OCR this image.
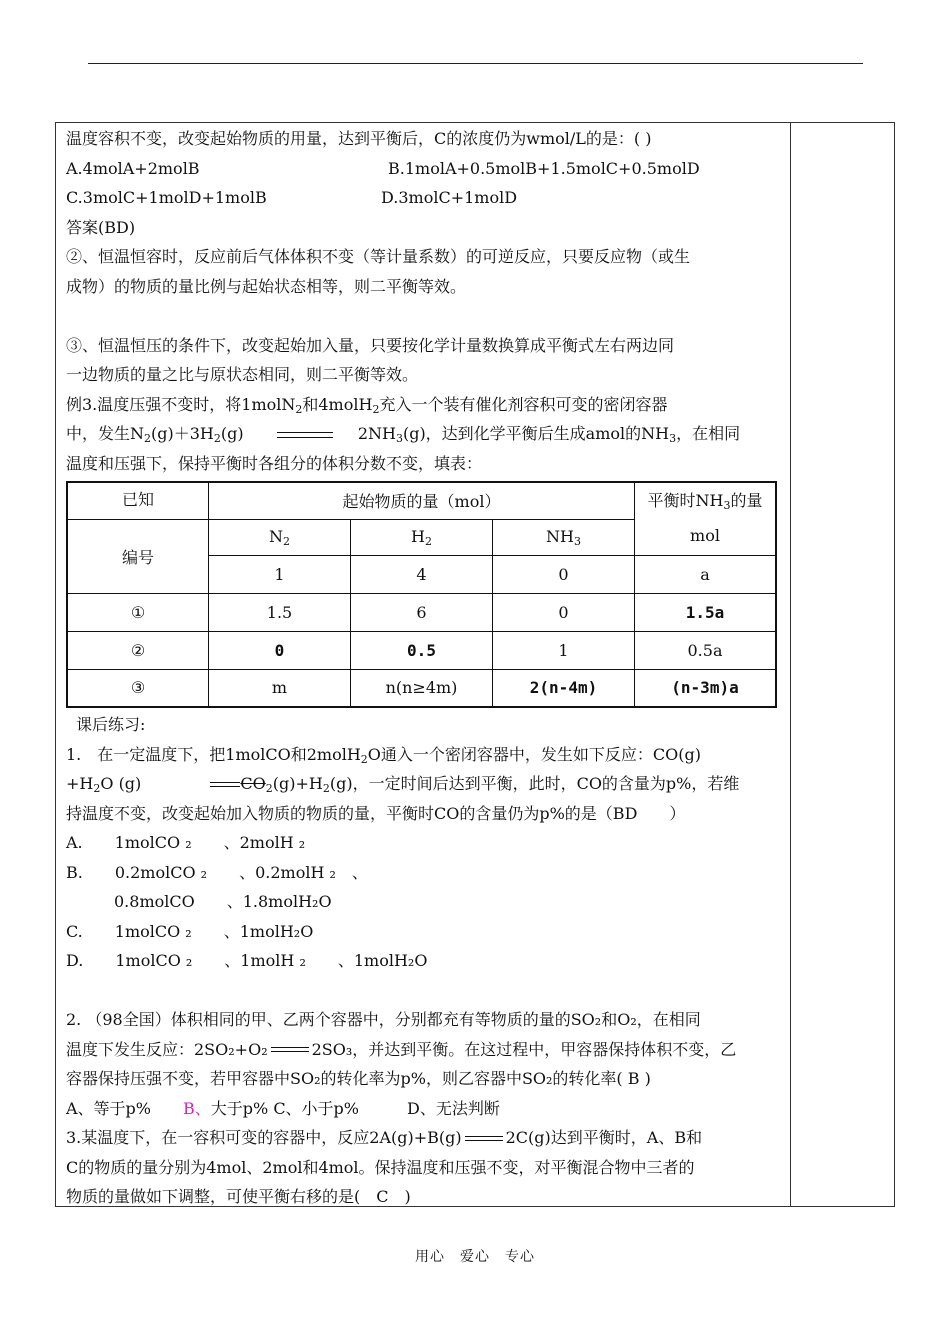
温度容积不变，改变起始物质的用量，达到平衡后，C的浓度仍为wmol/L的是：( )
A.4molA+2molB	B.1molA+0.5molB+1.5molC+0.5molD
C.3molC+1molD+1molB	D.3molC+1molD
答案(BD)
②、恒温恒容时，反应前后气体体积不变（等计量系数）的可逆反应，只要反应物（或生
成物）的物质的量比例与起始状态相等，则二平衡等效。
③、恒温恒压的条件下，改变起始加入量，只要按化学计量数换算成平衡式左右两边同
一边物质的量之比与原状态相同，则二平衡等效。
例3.温度压强不变时，将1molN$_2$和4molH$_2$充入一个装有催化剂容积可变的密闭容器
中，发生$N_2(g)+3H_2(g)$	$2NH_3(g)$，达到化学平衡后生成amol的$NH_3$，在相同
温度和压强下，保持平衡时各组分的体积分数不变，填表：
已知	起始物质的量（mol）			平衡时$NH_3$的量
mol

编号	$N_2$	$H_2$	$NH_3$
	1	4	0	a
①	1.5	6	0	1.5a
②	0	0.5	1	0.5a
③	m	n(n≥4m)	2(n-4m)	(n-3m)a
课后练习:
1.　在一定温度下，把1molCO和2molH$_2$O通入一个密闭容器中，发生如下反应：CO(g)
$+H_2O$ (g)	$CO_2(g)+H_2(g)$，一定时间后达到平衡，此时，CO的含量为p%，若维
持温度不变，改变起始加入物质的物质的量，平衡时CO的含量仍为p%的是（BD　　）
A.　　1molCO ₂　　、2molH ₂
B.　　0.2molCO ₂　　、0.2molH ₂　、
0.8molCO　　、1.8molH₂O
C.　　1molCO ₂　　、1molH₂O
D.　　1molCO ₂　　、1molH ₂　　、1molH₂O
2. （98全国）体积相同的甲、乙两个容器中，分别都充有等物质的量的SO₂和O₂，在相同
温度下发生反应：2SO₂+O₂	2SO₃，并达到平衡。在这过程中，甲容器保持体积不变，乙
容器保持压强不变，若甲容器中SO₂的转化率为p%，则乙容器中SO₂的转化率( B )
A、等于p%　　B、大于p% C、小于p%　　　D、无法判断
3.某温度下，在一容积可变的容器中，反应2A(g)+B(g)	2C(g)达到平衡时，A、B和
C的物质的量分别为4mol、2mol和4mol。保持温度和压强不变，对平衡混合物中三者的
物质的量做如下调整，可使平衡右移的是(　C　)
用心　爱心　专心
